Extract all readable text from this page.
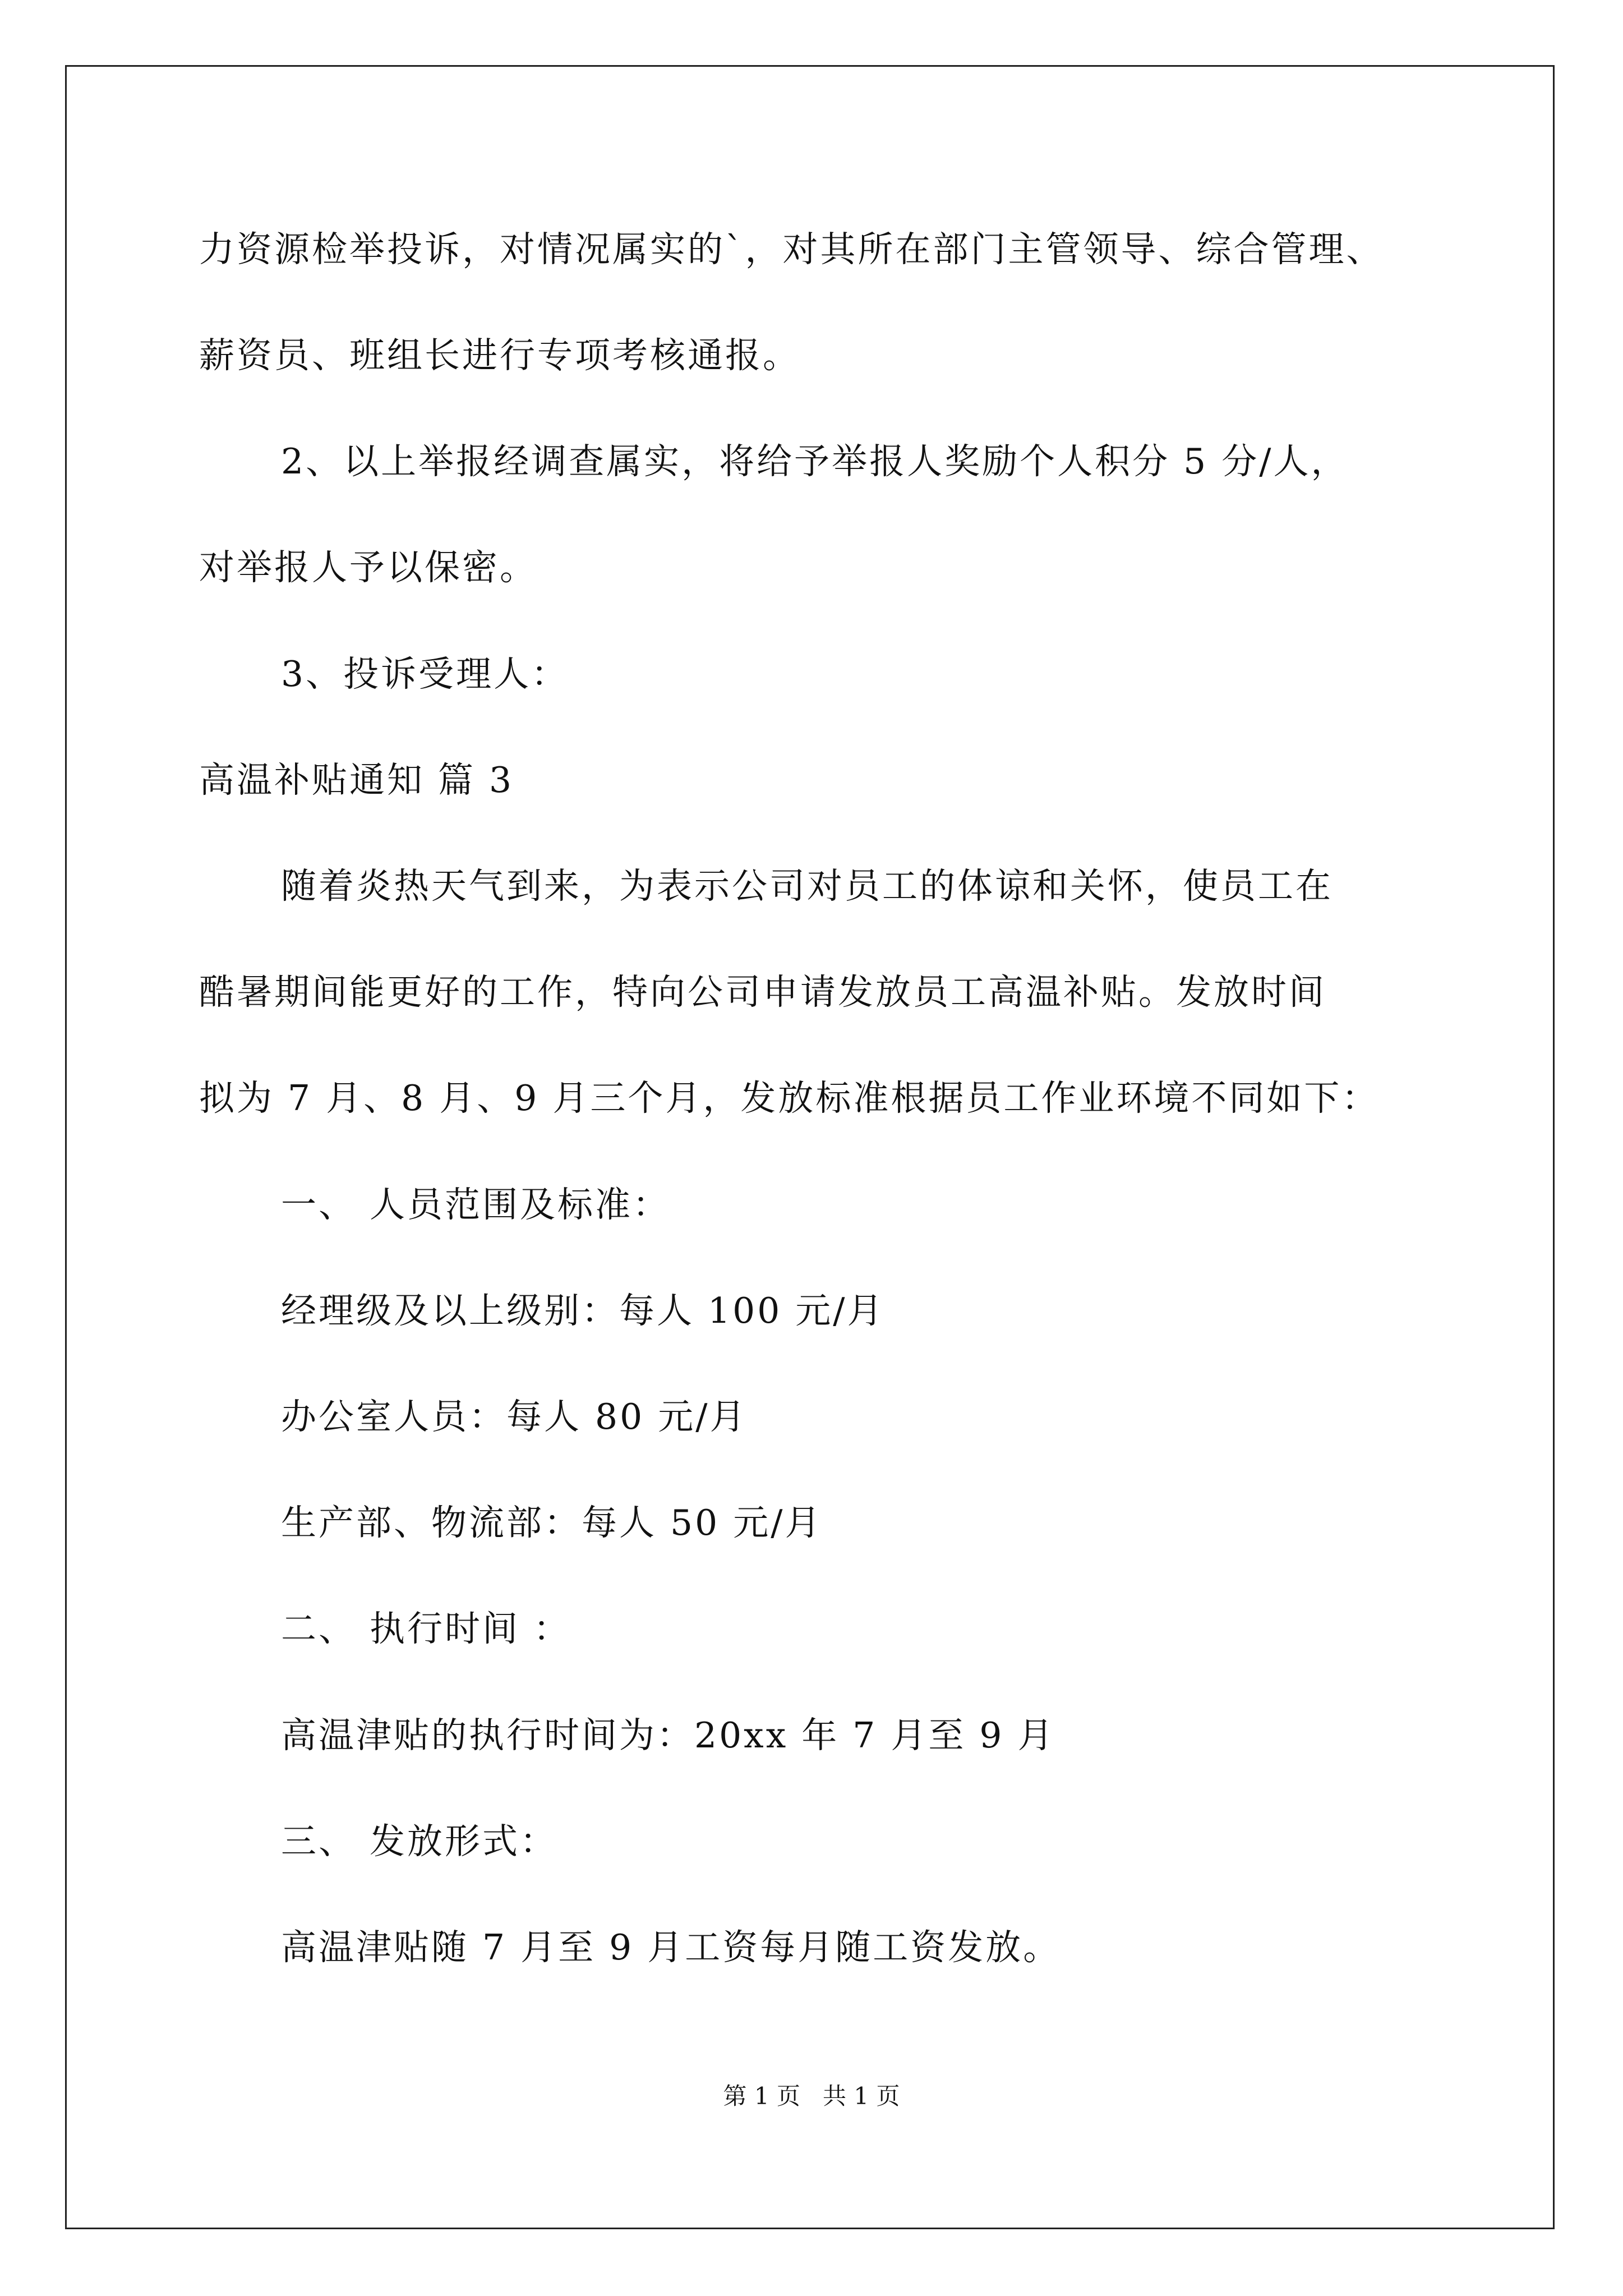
力资源检举投诉，对情况属实的`，对其所在部门主管领导、综合管理、
薪资员、班组长进行专项考核通报。
2、以上举报经调查属实，将给予举报人奖励个人积分 5 分/人，
对举报人予以保密。
3、投诉受理人：
高温补贴通知 篇 3
随着炎热天气到来，为表示公司对员工的体谅和关怀，使员工在
酷暑期间能更好的工作，特向公司申请发放员工高温补贴。发放时间
拟为 7 月、8 月、9 月三个月，发放标准根据员工作业环境不同如下：
一、 人员范围及标准：
经理级及以上级别：每人 100 元/月
办公室人员：每人 80 元/月
生产部、物流部：每人 50 元/月
二、 执行时间 ：
高温津贴的执行时间为：20xx 年 7 月至 9 月
三、 发放形式：
高温津贴随 7 月至 9 月工资每月随工资发放。
第 1 页   共 1 页
